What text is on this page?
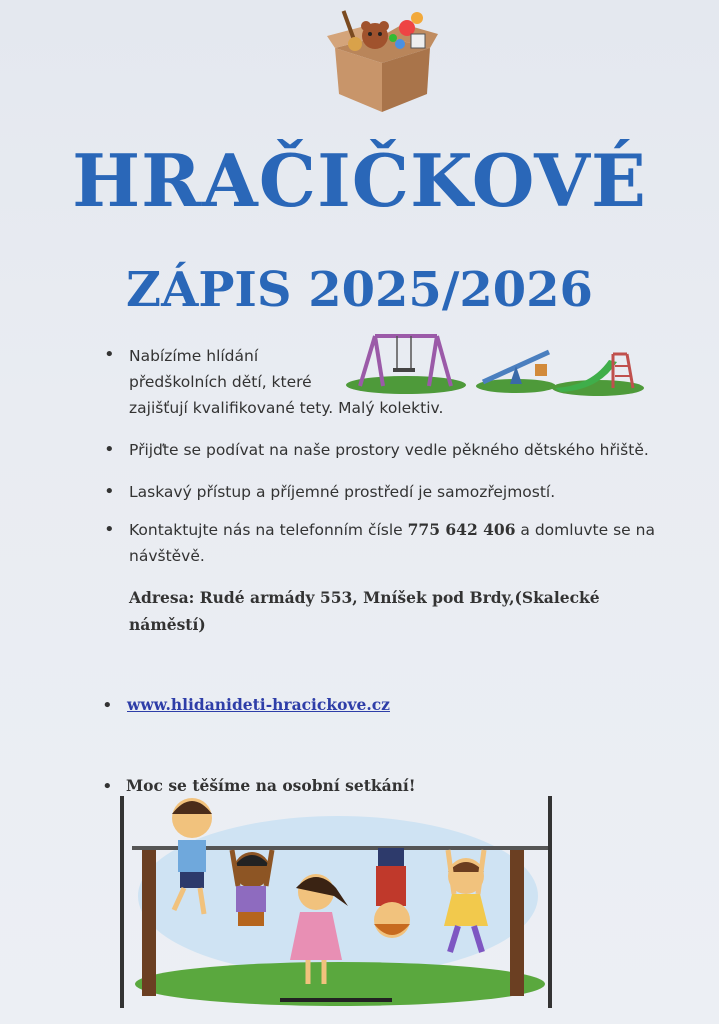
HRAČIČKOVÉ
ZÁPIS 2025/2026
• Nabízíme hlídání
předškolních dětí, které
zajišťují kvalifikované tety. Malý kolektiv.
• Přijďte se podívat na naše prostory vedle pěkného dětského hřiště.
• Laskavý přístup a příjemné prostředí je samozřejmostí.
• Kontaktujte nás na telefonním čísle 775 642 406 a domluvte se na
návštěvě.
Adresa: Rudé armády 553, Mníšek pod Brdy,(Skalecké
náměstí)
• www.hlidanideti-hracickove.cz
• Moc se těšíme na osobní setkání!
